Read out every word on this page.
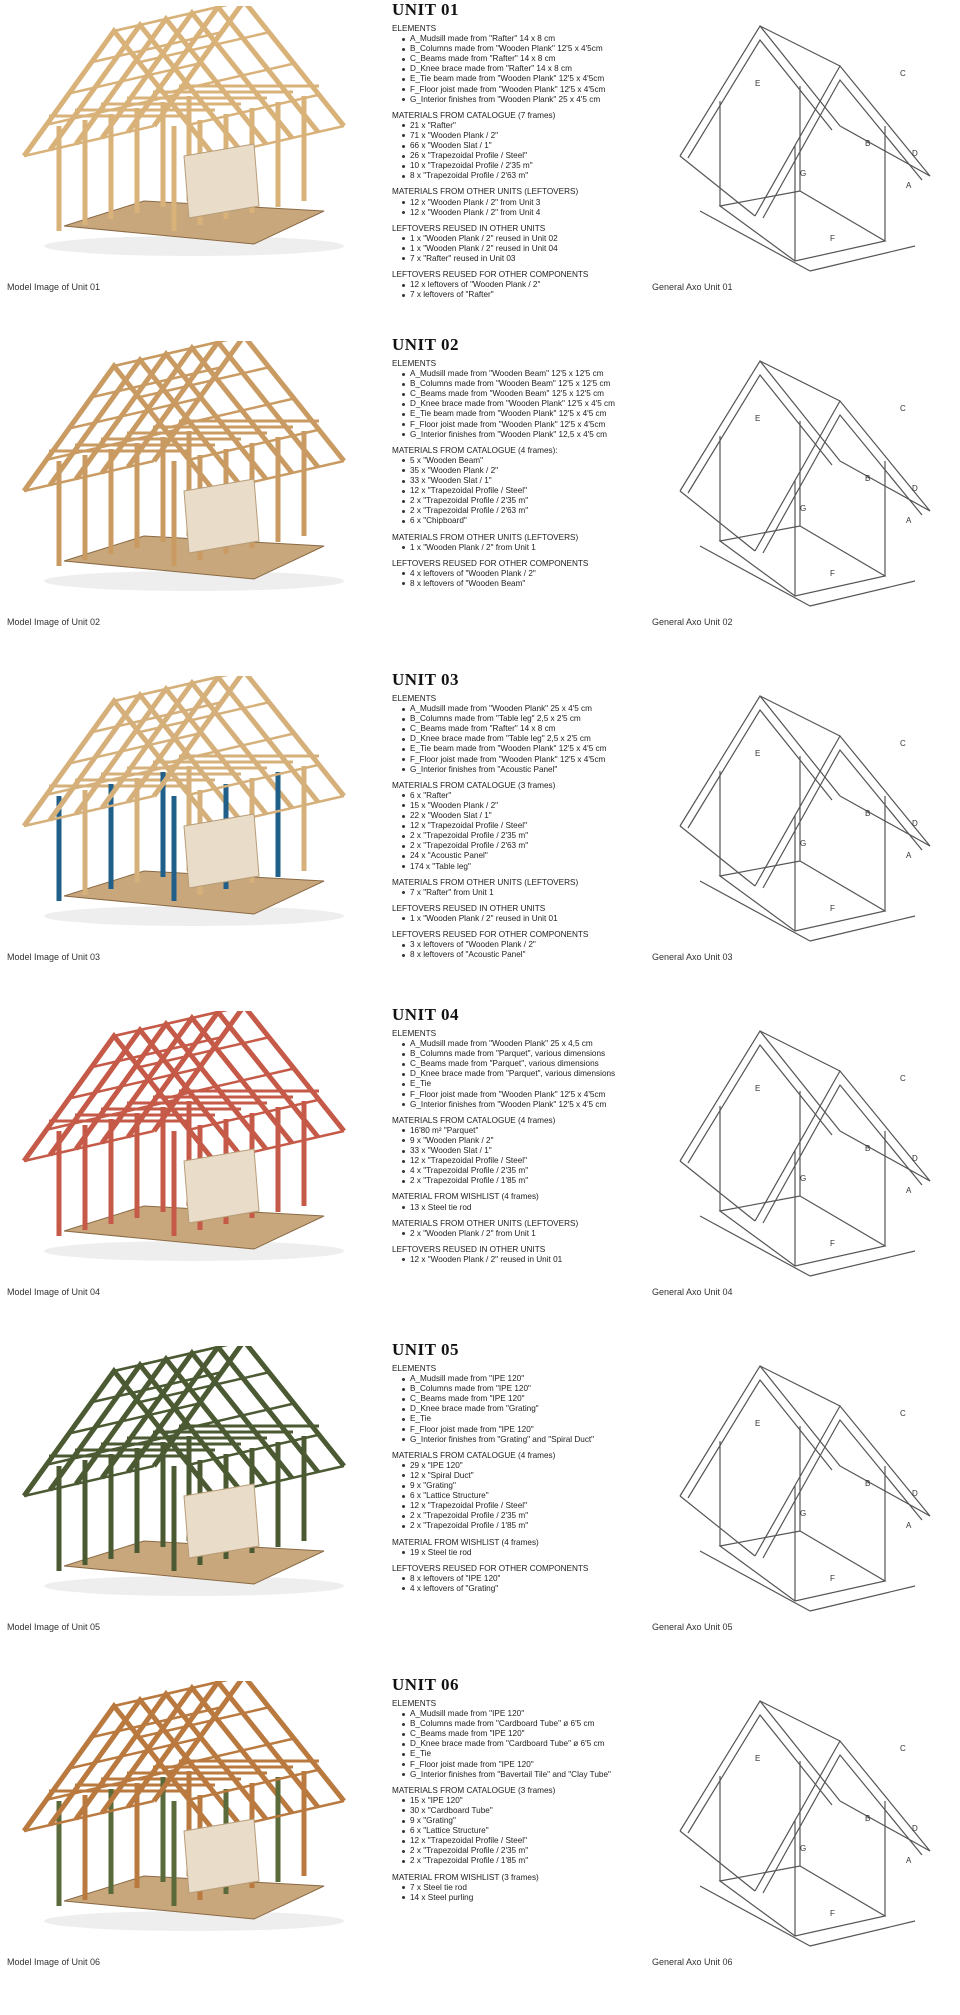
Model Image of Unit 01
UNIT 01
ELEMENTS
A_Mudsill made from "Rafter" 14 x 8 cm
B_Columns made from "Wooden Plank" 12'5 x 4'5cm
C_Beams made from "Rafter" 14 x 8 cm
D_Knee brace made from "Rafter" 14 x 8 cm
E_Tie beam made from "Wooden Plank" 12'5 x 4'5cm
F_Floor joist made from "Wooden Plank" 12'5 x 4'5cm
G_Interior finishes from "Wooden Plank" 25 x 4'5 cm
MATERIALS FROM CATALOGUE (7 frames)
21 x "Rafter"
71 x "Wooden Plank / 2"
66 x "Wooden Slat / 1"
26 x "Trapezoidal Profile / Steel"
10 x "Trapezoidal Profile / 2'35 m"
8 x "Trapezoidal Profile / 2'63 m"
MATERIALS FROM OTHER UNITS (LEFTOVERS)
12 x "Wooden Plank / 2" from Unit 3
12 x "Wooden Plank / 2" from Unit 4
LEFTOVERS REUSED IN OTHER UNITS
1 x "Wooden Plank / 2" reused in Unit 02
1 x "Wooden Plank / 2" reused in Unit 04
7 x "Rafter" reused in Unit 03
LEFTOVERS REUSED FOR OTHER COMPONENTS
12 x leftovers of "Wooden Plank / 2"
7 x leftovers of "Rafter"
A
B
C
D
E
F
G
General Axo Unit 01
Model Image of Unit 02
UNIT 02
ELEMENTS
A_Mudsill made from "Wooden Beam" 12'5 x 12'5 cm
B_Columns made from "Wooden Beam" 12'5 x 12'5 cm
C_Beams made from "Wooden Beam" 12'5 x 12'5 cm
D_Knee brace made from "Wooden Plank" 12'5 x 4'5 cm
E_Tie beam made from "Wooden Plank" 12'5 x 4'5 cm
F_Floor joist made from "Wooden Plank" 12'5 x 4'5cm
G_Interior finishes from "Wooden Plank" 12,5 x 4'5 cm
MATERIALS FROM CATALOGUE (4 frames):
5 x "Wooden Beam"
35 x "Wooden Plank / 2"
33 x "Wooden Slat / 1"
12 x "Trapezoidal Profile / Steel"
2 x "Trapezoidal Profile / 2'35 m"
2 x "Trapezoidal Profile / 2'63 m"
6 x "Chipboard"
MATERIALS FROM OTHER UNITS (LEFTOVERS)
1 x "Wooden Plank / 2" from Unit 1
LEFTOVERS REUSED FOR OTHER COMPONENTS
4 x leftovers of "Wooden Plank / 2"
8 x leftovers of "Wooden Beam"
A
B
C
D
E
F
G
General Axo Unit 02
Model Image of Unit 03
UNIT 03
ELEMENTS
A_Mudsill made from "Wooden Plank" 25 x 4'5 cm
B_Columns made from "Table leg" 2,5 x 2'5 cm
C_Beams made from "Rafter" 14 x 8 cm
D_Knee brace made from "Table leg" 2,5 x 2'5 cm
E_Tie beam made from "Wooden Plank" 12'5 x 4'5 cm
F_Floor joist made from "Wooden Plank" 12'5 x 4'5cm
G_Interior finishes from "Acoustic Panel"
MATERIALS FROM CATALOGUE (3 frames)
6 x "Rafter"
15 x "Wooden Plank / 2"
22 x "Wooden Slat / 1"
12 x "Trapezoidal Profile / Steel"
2 x "Trapezoidal Profile / 2'35 m"
2 x "Trapezoidal Profile / 2'63 m"
24 x "Acoustic Panel"
174 x "Table leg"
MATERIALS FROM OTHER UNITS (LEFTOVERS)
7 x "Rafter" from Unit 1
LEFTOVERS REUSED IN OTHER UNITS
1 x "Wooden Plank / 2" reused in Unit 01
LEFTOVERS REUSED FOR OTHER COMPONENTS
3 x leftovers of "Wooden Plank / 2"
8 x leftovers of "Acoustic Panel"
A
B
C
D
E
F
G
General Axo Unit 03
Model Image of Unit 04
UNIT 04
ELEMENTS
A_Mudsill made from "Wooden Plank" 25 x 4,5 cm
B_Columns made from "Parquet", various dimensions
C_Beams made from "Parquet", various dimensions
D_Knee brace made from "Parquet", various dimensions
E_Tie
F_Floor joist made from "Wooden Plank" 12'5 x 4'5cm
G_Interior finishes from "Wooden Plank" 12'5 x 4'5 cm
MATERIALS FROM CATALOGUE (4 frames)
16'80 m² "Parquet"
9 x "Wooden Plank / 2"
33 x "Wooden Slat / 1"
12 x "Trapezoidal Profile / Steel"
4 x "Trapezoidal Profile / 2'35 m"
2 x "Trapezoidal Profile / 1'85 m"
MATERIAL FROM WISHLIST (4 frames)
13 x Steel tie rod
MATERIALS FROM OTHER UNITS (LEFTOVERS)
2 x "Wooden Plank / 2" from Unit 1
LEFTOVERS REUSED IN OTHER UNITS
12 x "Wooden Plank / 2" reused in Unit 01
A
B
C
D
E
F
G
General Axo Unit 04
Model Image of Unit 05
UNIT 05
ELEMENTS
A_Mudsill made from "IPE 120"
B_Columns made from "IPE 120"
C_Beams made from "IPE 120"
D_Knee brace made from "Grating"
E_Tie
F_Floor joist made from "IPE 120"
G_Interior finishes from "Grating" and "Spiral Duct"
MATERIALS FROM CATALOGUE (4 frames)
29 x "IPE 120"
12 x "Spiral Duct"
9 x "Grating"
6 x "Lattice Structure"
12 x "Trapezoidal Profile / Steel"
2 x "Trapezoidal Profile / 2'35 m"
2 x "Trapezoidal Profile / 1'85 m"
MATERIAL FROM WISHLIST (4 frames)
19 x Steel tie rod
LEFTOVERS REUSED FOR OTHER COMPONENTS
8 x leftovers of "IPE 120"
4 x leftovers of "Grating"
A
B
C
D
E
F
G
General Axo Unit 05
Model Image of Unit 06
UNIT 06
ELEMENTS
A_Mudsill made from "IPE 120"
B_Columns made from "Cardboard Tube" ø 6'5 cm
C_Beams made from "IPE 120"
D_Knee brace made from "Cardboard Tube" ø 6'5 cm
E_Tie
F_Floor joist made from "IPE 120"
G_Interior finishes from "Bavertail Tile" and "Clay Tube"
MATERIALS FROM CATALOGUE (3 frames)
15 x "IPE 120"
30 x "Cardboard Tube"
9 x "Grating"
6 x "Lattice Structure"
12 x "Trapezoidal Profile / Steel"
2 x "Trapezoidal Profile / 2'35 m"
2 x "Trapezoidal Profile / 1'85 m"
MATERIAL FROM WISHLIST (3 frames)
7 x Steel tie rod
14 x Steel purling
A
B
C
D
E
F
G
General Axo Unit 06
